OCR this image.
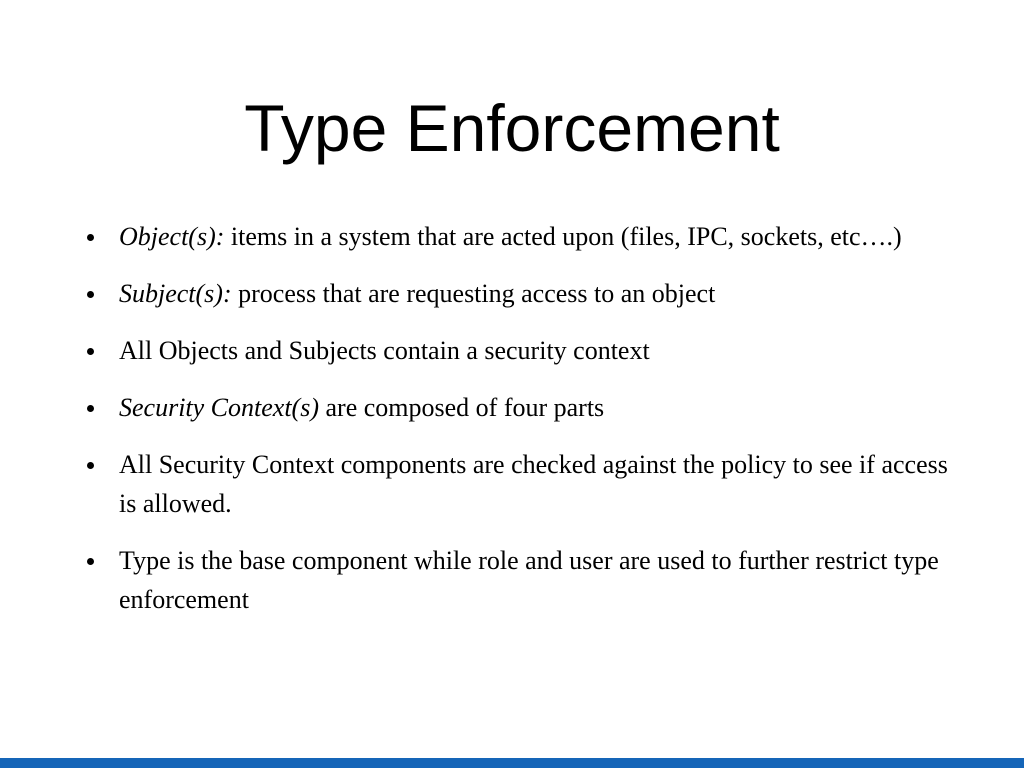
Type Enforcement
Object(s): items in a system that are acted upon (files, IPC, sockets, etc….)
Subject(s): process that are requesting access to an object
All Objects and Subjects contain a security context
Security Context(s) are composed of four parts
All Security Context components are checked against the policy to see if access is allowed.
Type is the base component while role and user are used to further restrict type enforcement
